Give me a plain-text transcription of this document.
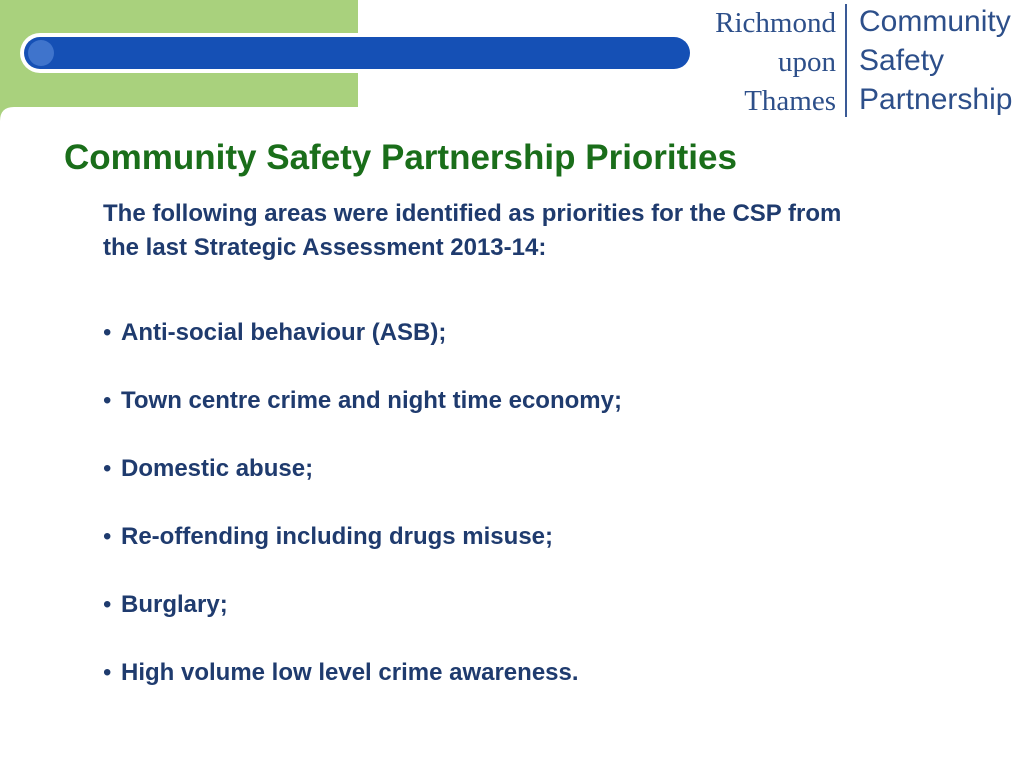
Richmond
upon
Thames
Community
Safety
Partnership
Community Safety Partnership Priorities

The following areas were identified as priorities for the CSP from the last Strategic Assessment 2013-14:

• Anti-social behaviour (ASB);
• Town centre crime and night time economy;
• Domestic abuse;
• Re-offending including drugs misuse;
• Burglary;
• High volume low level crime awareness.
